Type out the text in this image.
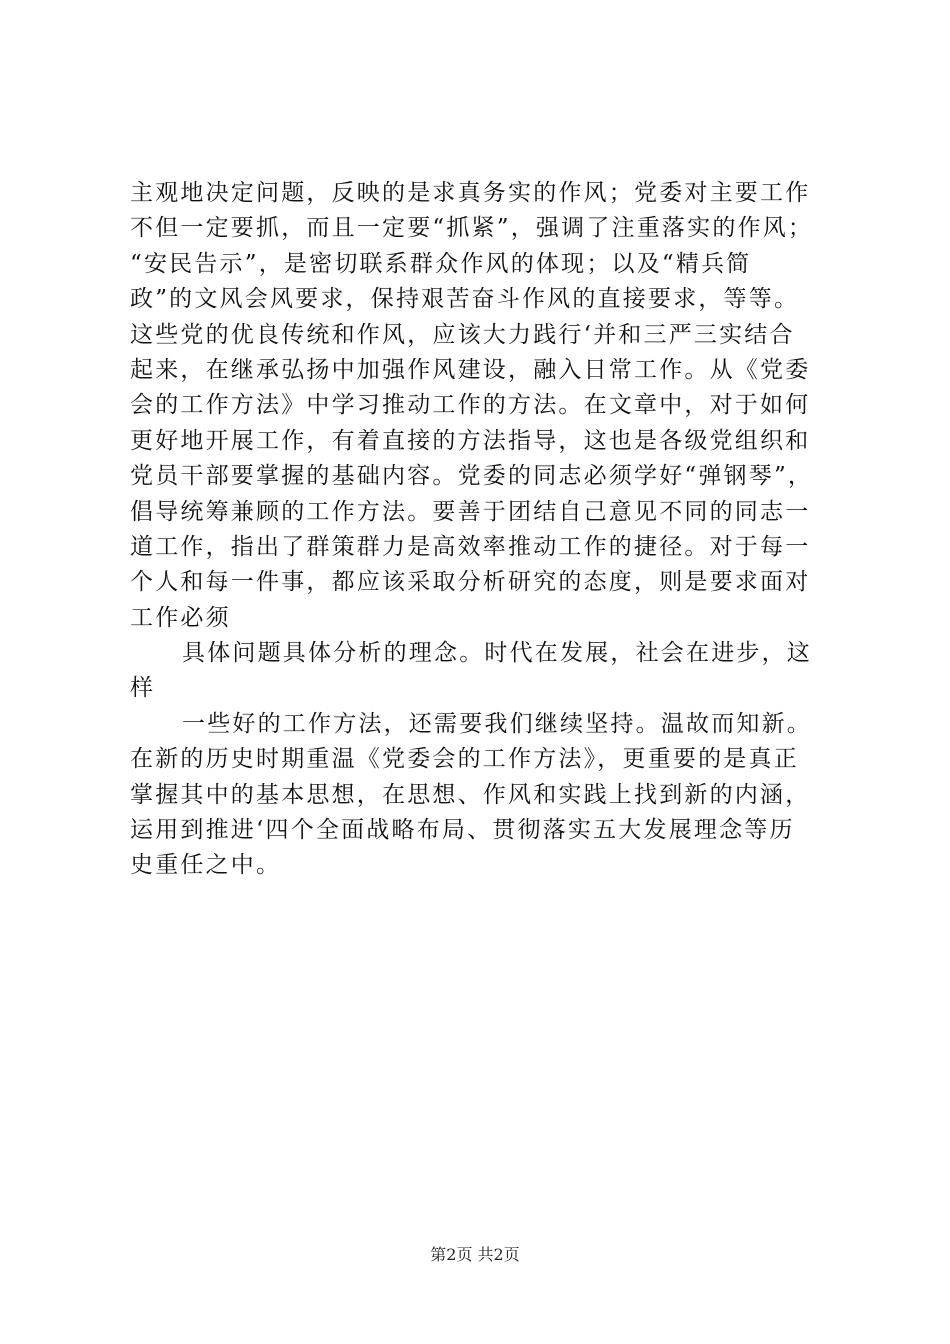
主观地决定问题，反映的是求真务实的作风；党委对主要工作
不但一定要抓，而且一定要“抓紧”，强调了注重落实的作风；
“安民告示”，是密切联系群众作风的体现；以及“精兵简
政”的文风会风要求，保持艰苦奋斗作风的直接要求，等等。
这些党的优良传统和作风，应该大力践行‘并和三严三实结合
起来，在继承弘扬中加强作风建设，融入日常工作。从《党委
会的工作方法》中学习推动工作的方法。在文章中，对于如何
更好地开展工作，有着直接的方法指导，这也是各级党组织和
党员干部要掌握的基础内容。党委的同志必须学好“弹钢琴”，
倡导统筹兼顾的工作方法。要善于团结自己意见不同的同志一
道工作，指出了群策群力是高效率推动工作的捷径。对于每一
个人和每一件事，都应该采取分析研究的态度，则是要求面对
工作必须
具体问题具体分析的理念。时代在发展，社会在进步，这
样
一些好的工作方法，还需要我们继续坚持。温故而知新。
在新的历史时期重温《党委会的工作方法》，更重要的是真正
掌握其中的基本思想，在思想、作风和实践上找到新的内涵，
运用到推进‘四个全面战略布局、贯彻落实五大发展理念等历
史重任之中。
第2页 共2页
